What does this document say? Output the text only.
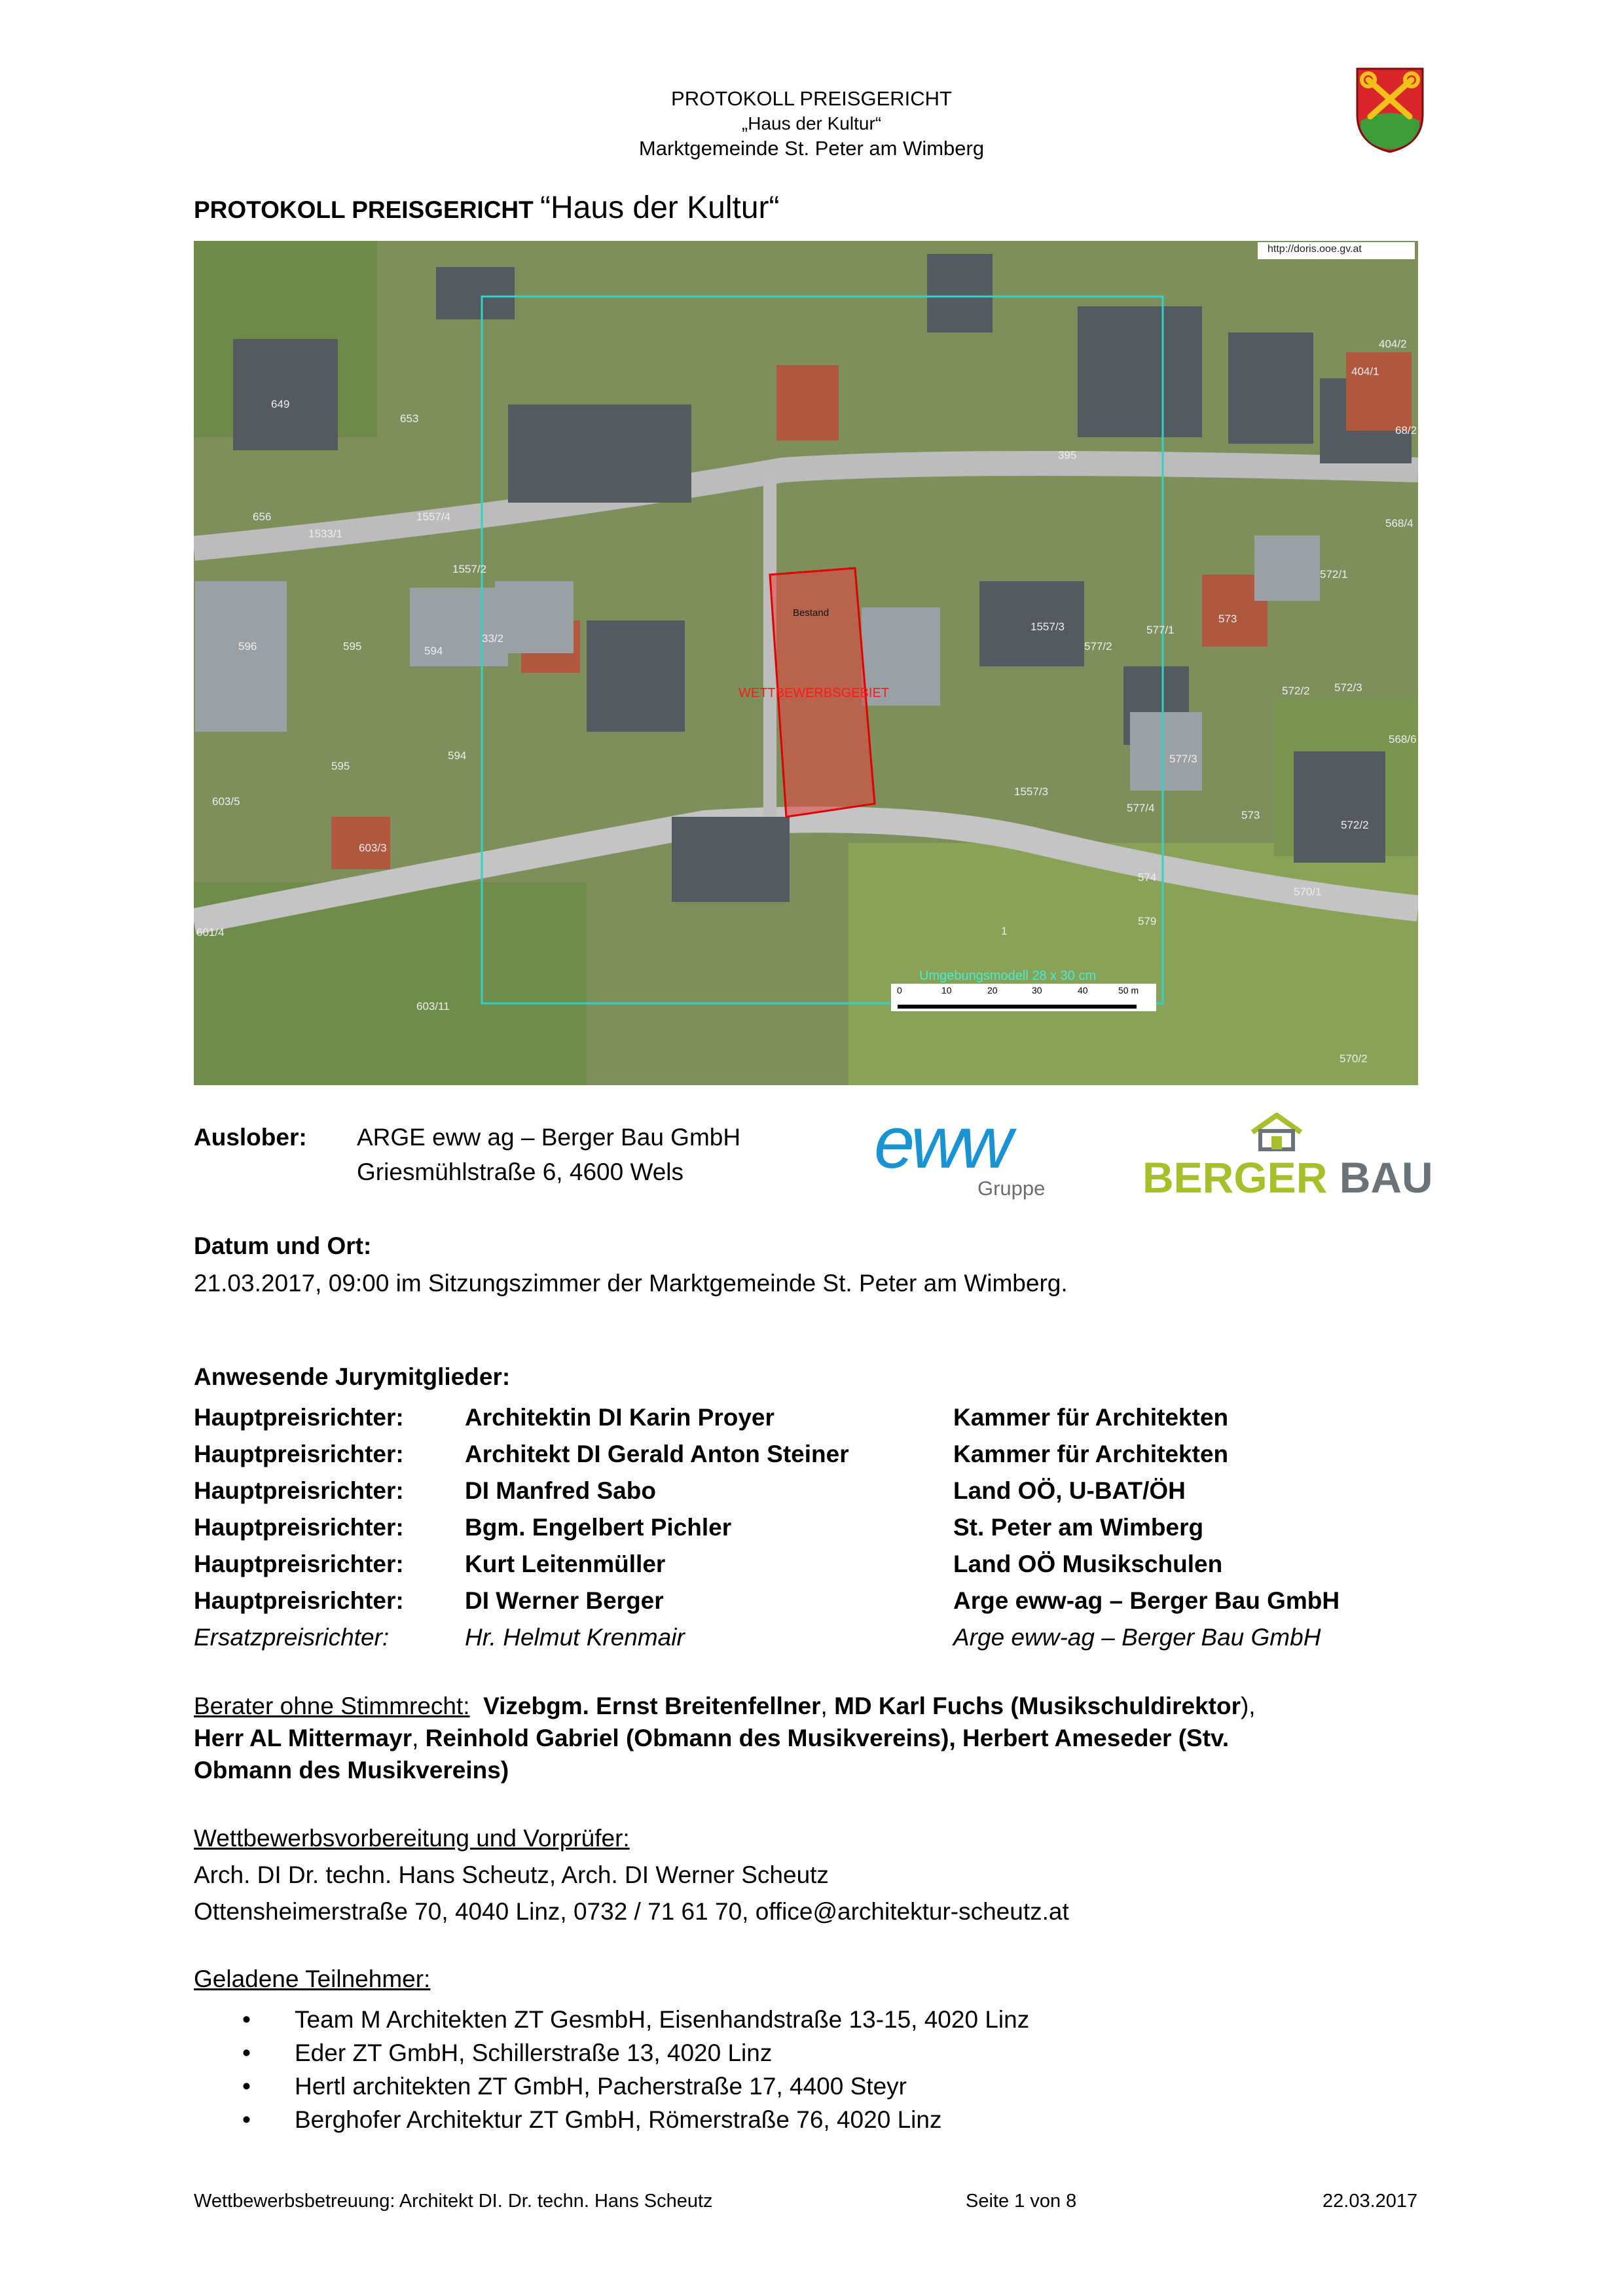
PROTOKOLL PREISGERICHT
„Haus der Kultur“
Marktgemeinde St. Peter am Wimberg
PROTOKOLL PREISGERICHT “Haus der Kultur“
http://doris.ooe.gv.at
WETTBEWERBSGEBIET
Bestand
Umgebungsmodell 28 x 30 cm
0	10	20	30	40	50 m
649
653
656	1557/4
1533/1
1557/2
596	595	594
33/2
595
594
603/5
603/3
601/4
603/11
395
68/2
404/1
404/2
568/4
572/1
573
572/2 572/3
568/6
572/2
570/1
570/2
577/1
577/2
1557/3
577/3
577/4
573
574
579
1557/3
1
Auslober: ARGE eww ag – Berger Bau GmbH
Griesmühlstraße 6, 4600 Wels	eww
Gruppe BERGER BAU
Datum und Ort:
21.03.2017, 09:00 im Sitzungszimmer der Marktgemeinde St. Peter am Wimberg.
Anwesende Jurymitglieder:
Hauptpreisrichter:	Architektin DI Karin Proyer	Kammer für Architekten
Hauptpreisrichter:	Architekt DI Gerald Anton Steiner	Kammer für Architekten
Hauptpreisrichter:	DI Manfred Sabo	Land OÖ, U-BAT/ÖH
Hauptpreisrichter:	Bgm. Engelbert Pichler	St. Peter am Wimberg
Hauptpreisrichter:	Kurt Leitenmüller	Land OÖ Musikschulen
Hauptpreisrichter:	DI Werner Berger	Arge eww-ag – Berger Bau GmbH
Ersatzpreisrichter:	Hr. Helmut Krenmair	Arge eww-ag – Berger Bau GmbH
Berater ohne Stimmrecht: Vizebgm. Ernst Breitenfellner, MD Karl Fuchs (Musikschuldirektor),
Herr AL Mittermayr, Reinhold Gabriel (Obmann des Musikvereins), Herbert Ameseder (Stv.
Obmann des Musikvereins)
Wettbewerbsvorbereitung und Vorprüfer:
Arch. DI Dr. techn. Hans Scheutz, Arch. DI Werner Scheutz
Ottensheimerstraße 70, 4040 Linz, 0732 / 71 61 70, office@architektur-scheutz.at
Geladene Teilnehmer:
• Team M Architekten ZT GesmbH, Eisenhandstraße 13-15, 4020 Linz
• Eder ZT GmbH, Schillerstraße 13, 4020 Linz
• Hertl architekten ZT GmbH, Pacherstraße 17, 4400 Steyr
• Berghofer Architektur ZT GmbH, Römerstraße 76, 4020 Linz
Wettbewerbsbetreuung: Architekt DI. Dr. techn. Hans Scheutz	Seite 1 von 8	22.03.2017
